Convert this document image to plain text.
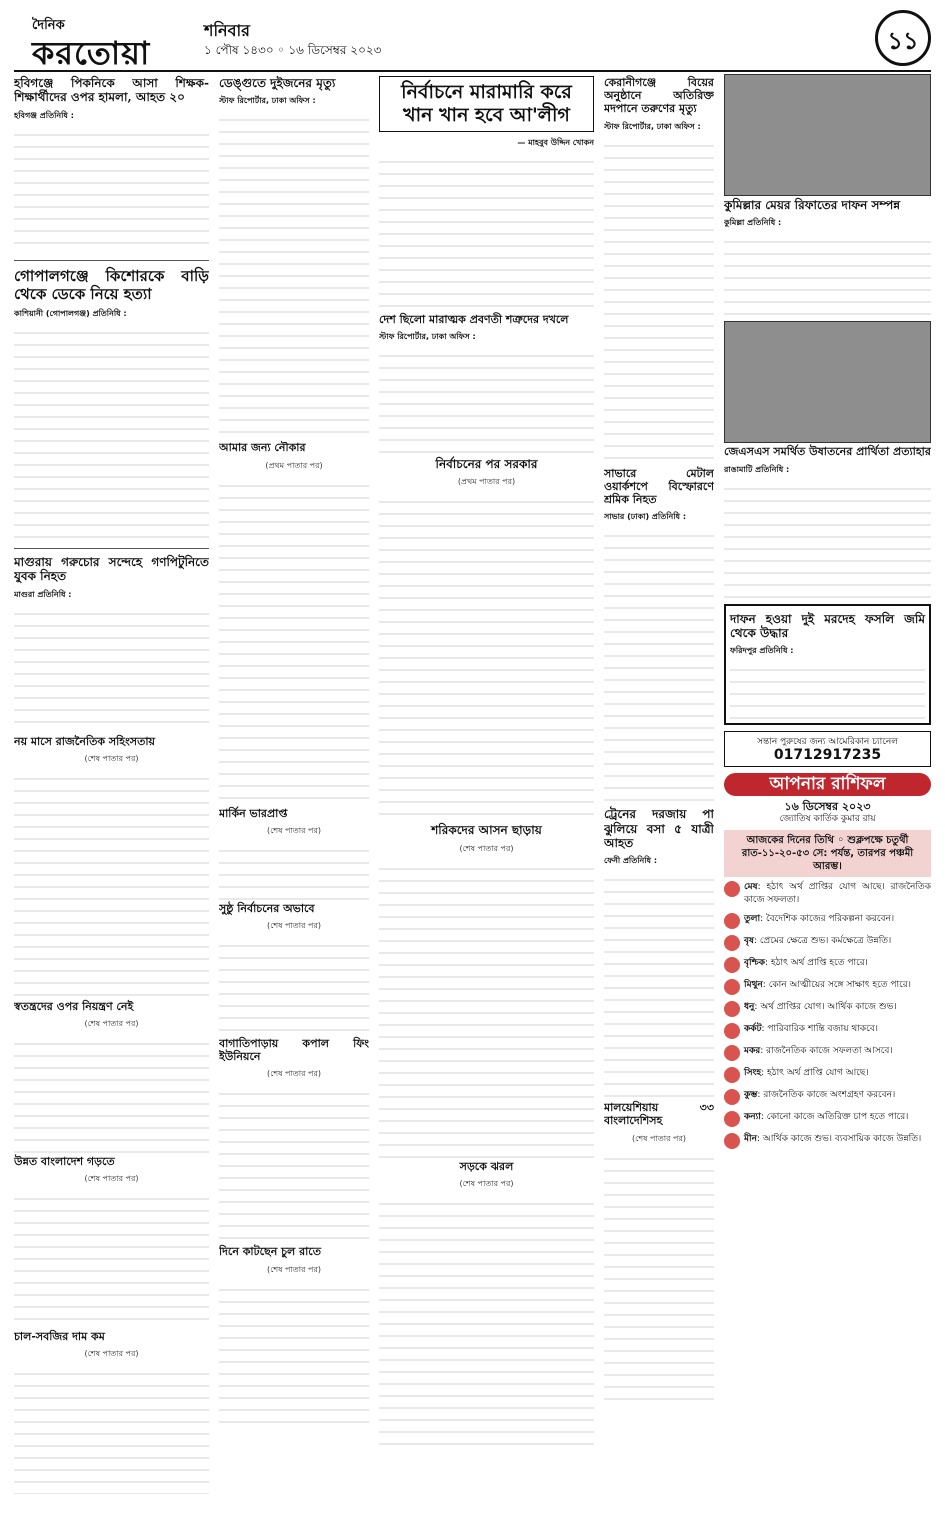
দৈনিক
করতোয়া
শনিবার
১ পৌষ ১৪৩০ ◦ ১৬ ডিসেম্বর ২০২৩	১১
হবিগঞ্জে পিকনিকে আসা শিক্ষক-শিক্ষার্থীদের ওপর হামলা, আহত ২০
হবিগঞ্জ প্রতিনিধি :
গোপালগঞ্জে কিশোরকে বাড়ি থেকে ডেকে নিয়ে হত্যা
কাশিয়ানী (গোপালগঞ্জ) প্রতিনিধি :
মাগুরায় গরুচোর সন্দেহে গণপিটুনিতে যুবক নিহত
মাগুরা প্রতিনিধি :
নয় মাসে রাজনৈতিক সহিংসতায়
(শেষ পাতার পর)
স্বতন্ত্রদের ওপর নিয়ন্ত্রণ নেই
(শেষ পাতার পর)
উন্নত বাংলাদেশ গড়তে
(শেষ পাতার পর)
চাল-সবজির দাম কম
(শেষ পাতার পর)
ডেঙ্গুতে দুইজনের মৃত্যু
স্টাফ রিপোর্টার, ঢাকা অফিস :
আমার জন্য নৌকার
(প্রথম পাতার পর)
মার্কিন ভারপ্রাপ্ত
(শেষ পাতার পর)
সুষ্ঠু নির্বাচনের অভাবে
(শেষ পাতার পর)
বাগাতিপাড়ায় কপাল ফিং ইউনিয়নে
(শেষ পাতার পর)
দিনে কাটছেন চুল রাতে
(শেষ পাতার পর)
নির্বাচনে মারামারি করে খান খান হবে আ'লীগ
— মাহবুব উদ্দিন খোকন
দেশ ছিলো মারাত্মক প্রবণতী শত্রুদের দখলে
স্টাফ রিপোর্টার, ঢাকা অফিস :
নির্বাচনের পর সরকার
(প্রথম পাতার পর)
শরিকদের আসন ছাড়ায়
(শেষ পাতার পর)
সড়কে ঝরল
(শেষ পাতার পর)
কেরানীগঞ্জে বিয়ের অনুষ্ঠানে অতিরিক্ত মদপানে তরুণের মৃত্যু
স্টাফ রিপোর্টার, ঢাকা অফিস :
সাভারে মেটাল ওয়ার্কশপে বিস্ফোরণে শ্রমিক নিহত
সাভার (ঢাকা) প্রতিনিধি :
ট্রেনের দরজায় পা ঝুলিয়ে বসা ৫ যাত্রী আহত
ফেনী প্রতিনিধি :
মালয়েশিয়ায় ৩৩ বাংলাদেশিসহ
(শেষ পাতার পর)
কুমিল্লার মেয়র রিফাতের দাফন সম্পন্ন
কুমিল্লা প্রতিনিধি :
জেএসএস সমর্থিত উষাতনের প্রার্থিতা প্রত্যাহার
রাঙামাটি প্রতিনিধি :
দাফন হওয়া দুই মরদেহ ফসলি জমি থেকে উদ্ধার
ফরিদপুর প্রতিনিধি :
সন্তান পুরুষের জন্য আমেরিকান চ্যানেল
01712917235
আপনার রাশিফল
১৬ ডিসেম্বর ২০২৩
জ্যোতিষ কার্তিক কুমার রায়
আজকের দিনের তিথি ◦ শুক্লপক্ষে চতুর্থী
রাত-১১-২০-৫৩ সে: পর্যন্ত, তারপর পঞ্চমী আরম্ভ।
মেষ: হঠাৎ অর্থ প্রাপ্তির যোগ আছে। রাজনৈতিক কাজে সফলতা।
তুলা: বৈদেশিক কাজের পরিকল্পনা করবেন।
বৃষ: প্রেমের ক্ষেত্রে শুভ। কর্মক্ষেত্রে উন্নতি।
বৃশ্চিক: হঠাৎ অর্থ প্রাপ্তি হতে পারে।
মিথুন: কোন আত্মীয়ের সঙ্গে সাক্ষাৎ হতে পারে।
ধনু: অর্থ প্রাপ্তির যোগ। আর্থিক কাজে শুভ।
কর্কট: পারিবারিক শান্তি বজায় থাকবে।
মকর: রাজনৈতিক কাজে সফলতা আসবে।
সিংহ: হঠাৎ অর্থ প্রাপ্তি যোগ আছে।
কুম্ভ: রাজনৈতিক কাজে অংশগ্রহণ করবেন।
কন্যা: কোনো কাজে অতিরিক্ত চাপ হতে পারে।
মীন: আর্থিক কাজে শুভ। ব্যবসায়িক কাজে উন্নতি।
